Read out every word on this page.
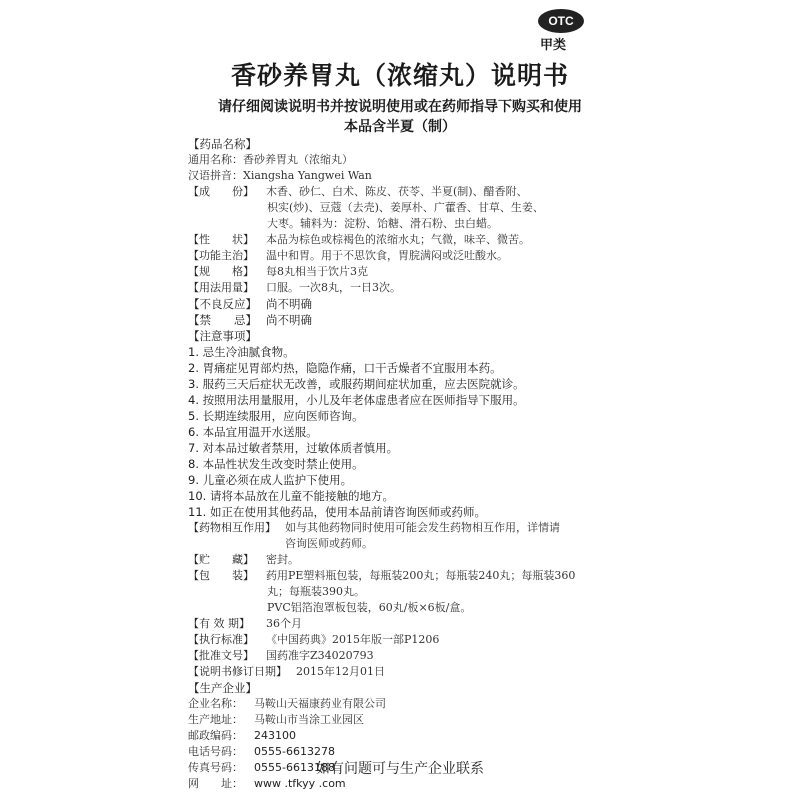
OTC
甲类
香砂养胃丸（浓缩丸）说明书
请仔细阅读说明书并按说明使用或在药师指导下购买和使用
本品含半夏（制）
【药品名称】
通用名称：香砂养胃丸（浓缩丸）
汉语拼音：Xiangsha Yangwei Wan
【成　　份】 木香、砂仁、白术、陈皮、茯苓、半夏(制)、醋香附、
枳实(炒)、豆蔻（去壳)、姜厚朴、广藿香、甘草、生姜、
大枣。辅料为：淀粉、饴糖、滑石粉、虫白蜡。
【性　　状】 本品为棕色或棕褐色的浓缩水丸；气微，味辛、微苦。
【功能主治】 温中和胃。用于不思饮食，胃脘满闷或泛吐酸水。
【规　　格】 每8丸相当于饮片3克
【用法用量】 口服。一次8丸，一日3次。
【不良反应】 尚不明确
【禁　　忌】 尚不明确
【注意事项】
1. 忌生冷油腻食物。
2. 胃痛症见胃部灼热，隐隐作痛，口干舌燥者不宜服用本药。
3. 服药三天后症状无改善，或服药期间症状加重，应去医院就诊。
4. 按照用法用量服用，小儿及年老体虚患者应在医师指导下服用。
5. 长期连续服用，应向医师咨询。
6. 本品宜用温开水送服。
7. 对本品过敏者禁用，过敏体质者慎用。
8. 本品性状发生改变时禁止使用。
9. 儿童必须在成人监护下使用。
10. 请将本品放在儿童不能接触的地方。
11. 如正在使用其他药品，使用本品前请咨询医师或药师。
【药物相互作用】 如与其他药物同时使用可能会发生药物相互作用，详情请
咨询医师或药师。
【贮　　藏】 密封。
【包　　装】 药用PE塑料瓶包装，每瓶装200丸；每瓶装240丸；每瓶装360
丸；每瓶装390丸。
PVC铝箔泡罩板包装，60丸/板×6板/盒。
【有 效 期】 36个月
【执行标准】 《中国药典》2015年版一部P1206
【批准文号】 国药准字Z34020793
【说明书修订日期】 2015年12月01日
【生产企业】
企业名称： 马鞍山天福康药业有限公司
生产地址： 马鞍山市当涂工业园区
邮政编码： 243100
电话号码： 0555-6613278
传真号码： 0555-6613188
网　　址： www .tfkyy .com
如有问题可与生产企业联系
